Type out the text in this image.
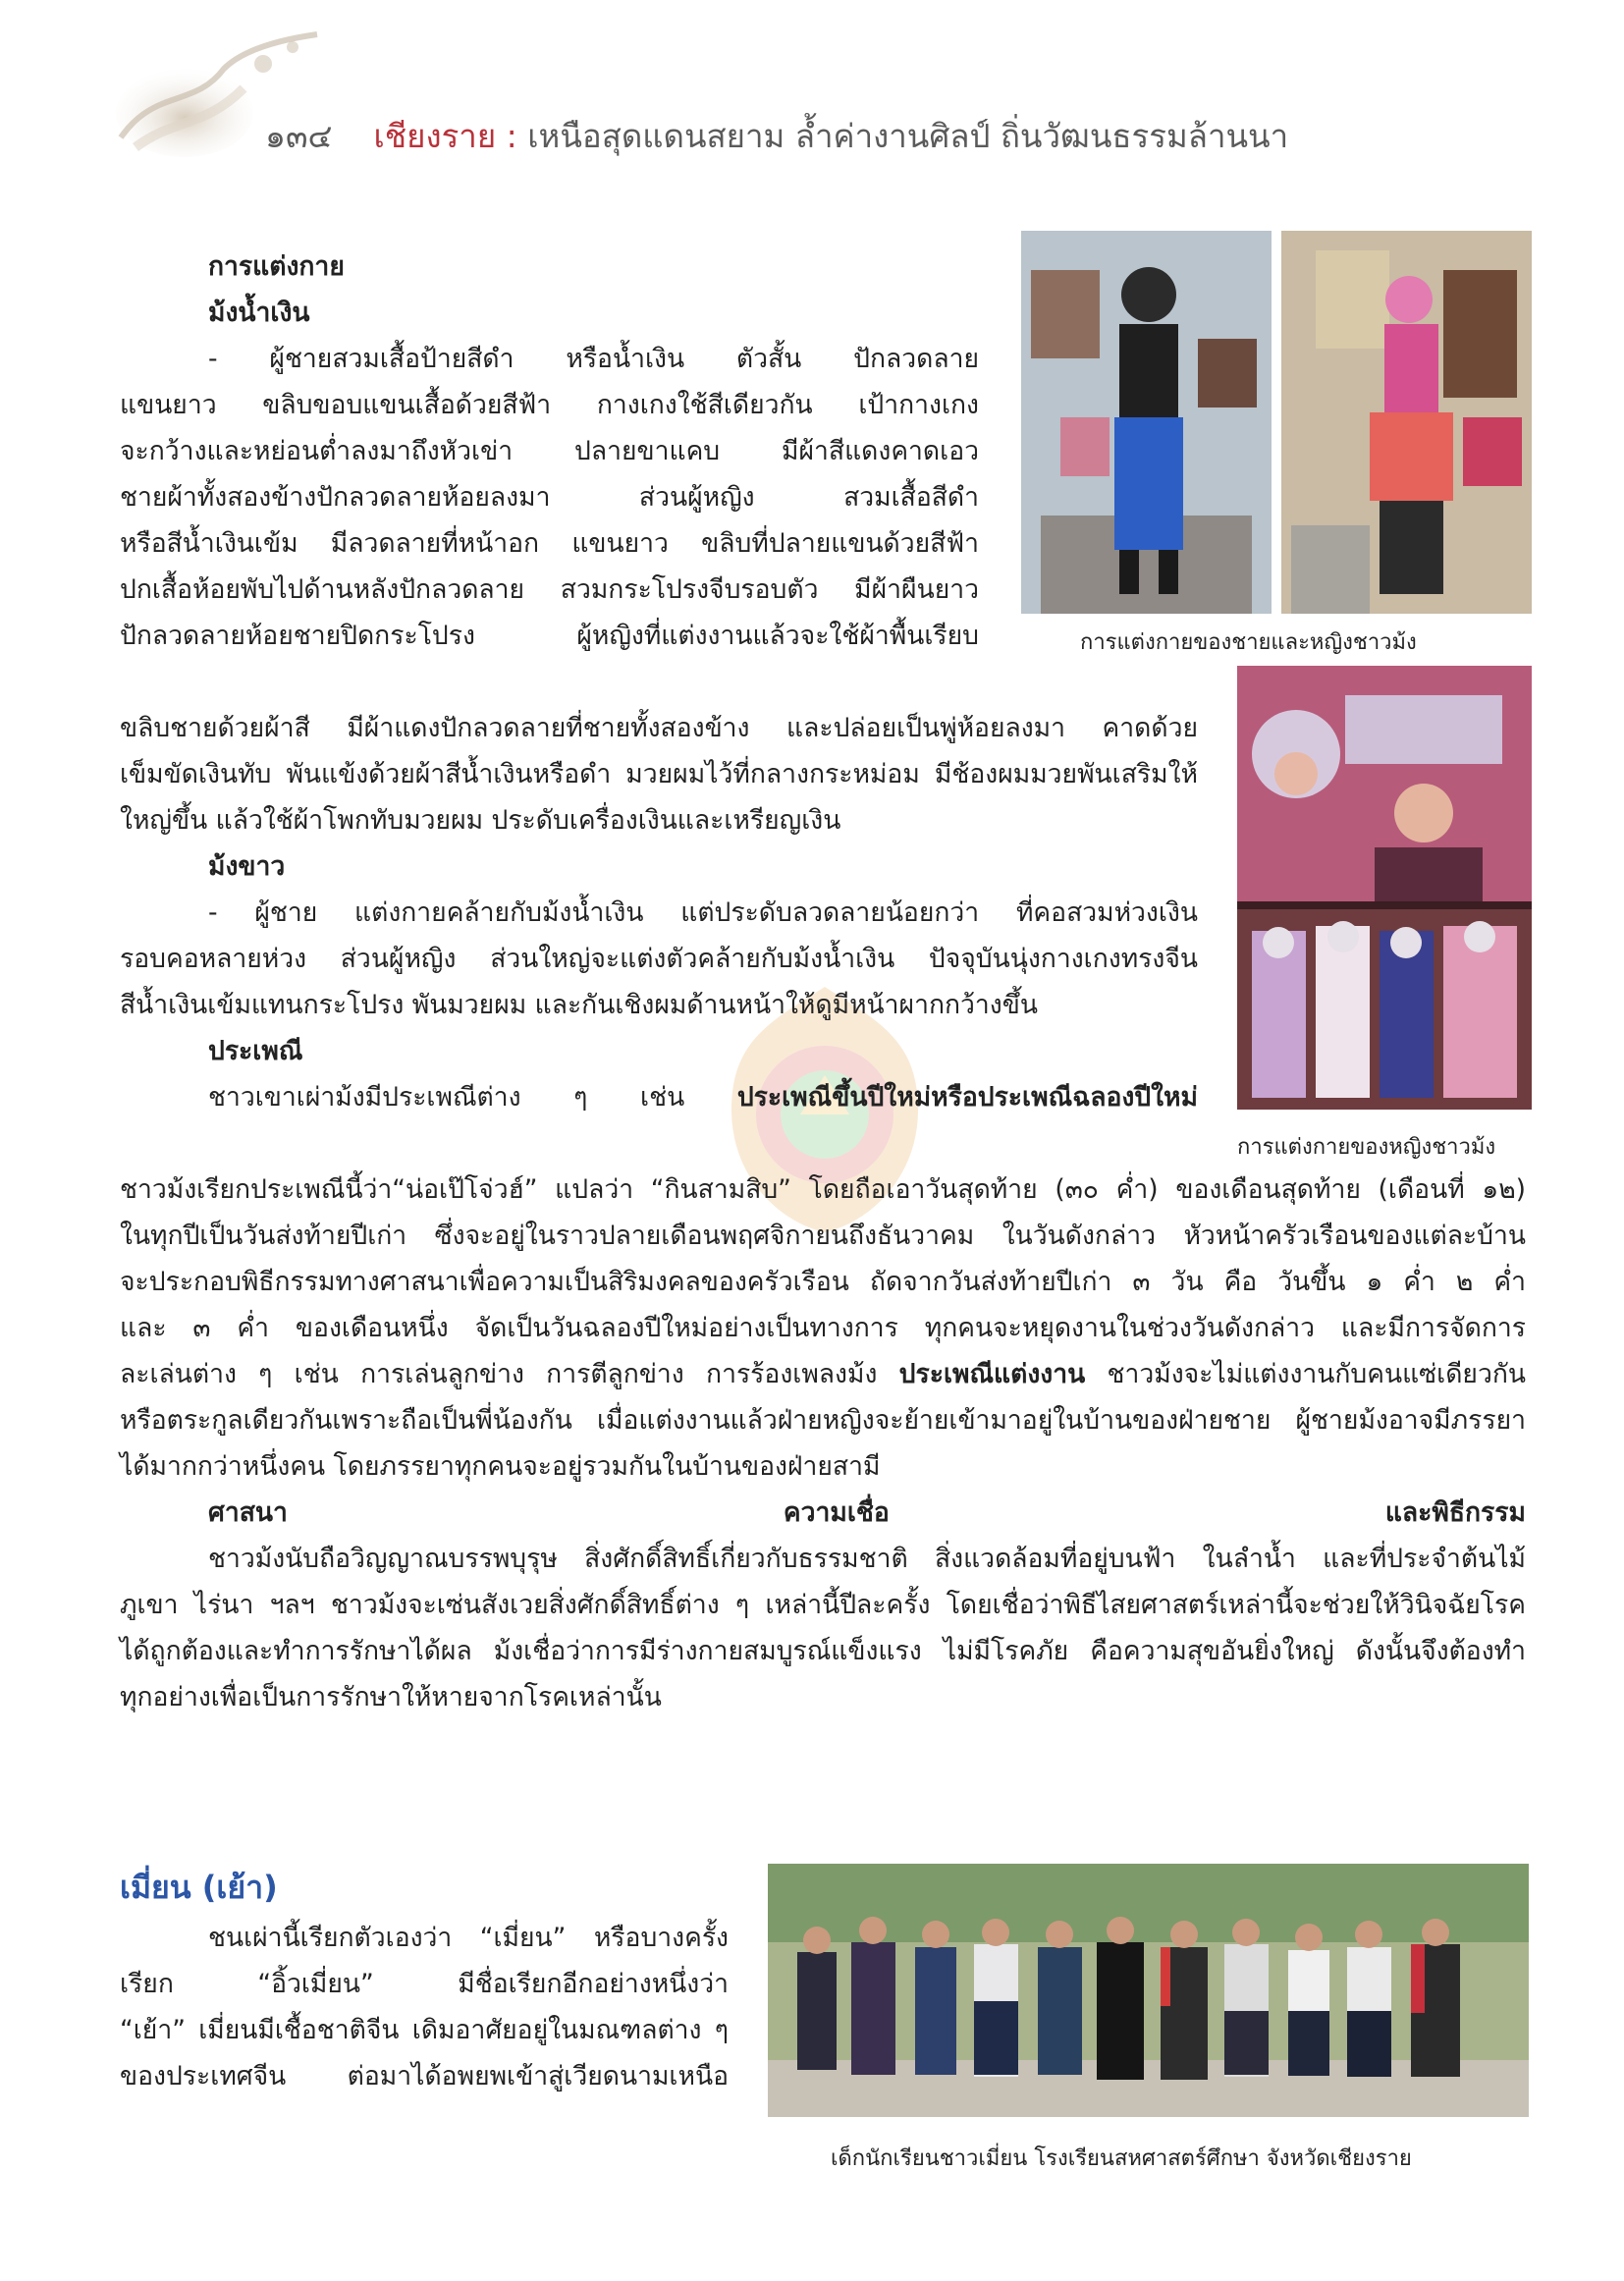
๑๓๔ เชียงราย : เหนือสุดแดนสยาม ล้ำค่างานศิลป์ ถิ่นวัฒนธรรมล้านนา
การแต่งกายของชายและหญิงชาวม้ง
การแต่งกายของหญิงชาวม้ง

การแต่งกาย

ม้งน้ำเงิน

- ผู้ชายสวมเสื้อป้ายสีดำ หรือน้ำเงิน ตัวสั้น ปักลวดลาย

แขนยาว ขลิบขอบแขนเสื้อด้วยสีฟ้า กางเกงใช้สีเดียวกัน เป้ากางเกง

จะกว้างและหย่อนต่ำลงมาถึงหัวเข่า ปลายขาแคบ มีผ้าสีแดงคาดเอว

ชายผ้าทั้งสองข้างปักลวดลายห้อยลงมา ส่วนผู้หญิง สวมเสื้อสีดำ

หรือสีน้ำเงินเข้ม มีลวดลายที่หน้าอก แขนยาว ขลิบที่ปลายแขนด้วยสีฟ้า

ปกเสื้อห้อยพับไปด้านหลังปักลวดลาย สวมกระโปรงจีบรอบตัว มีผ้าผืนยาว

ปักลวดลายห้อยชายปิดกระโปรง ผู้หญิงที่แต่งงานแล้วจะใช้ผ้าพื้นเรียบ

ขลิบชายด้วยผ้าสี มีผ้าแดงปักลวดลายที่ชายทั้งสองข้าง และปล่อยเป็นพู่ห้อยลงมา คาดด้วย

เข็มขัดเงินทับ พันแข้งด้วยผ้าสีน้ำเงินหรือดำ มวยผมไว้ที่กลางกระหม่อม มีช้องผมมวยพันเสริมให้

ใหญ่ขึ้น แล้วใช้ผ้าโพกทับมวยผม ประดับเครื่องเงินและเหรียญเงิน

ม้งขาว

- ผู้ชาย แต่งกายคล้ายกับม้งน้ำเงิน แต่ประดับลวดลายน้อยกว่า ที่คอสวมห่วงเงิน

รอบคอหลายห่วง ส่วนผู้หญิง ส่วนใหญ่จะแต่งตัวคล้ายกับม้งน้ำเงิน ปัจจุบันนุ่งกางเกงทรงจีน

สีน้ำเงินเข้มแทนกระโปรง พันมวยผม และกันเชิงผมด้านหน้าให้ดูมีหน้าผากกว้างขึ้น

ประเพณี

ชาวเขาเผ่าม้งมีประเพณีต่าง ๆ เช่น ประเพณีขึ้นปีใหม่หรือประเพณีฉลองปีใหม่

ชาวม้งเรียกประเพณีนี้ว่า“น่อเป๊โจ่วฮ์” แปลว่า “กินสามสิบ” โดยถือเอาวันสุดท้าย (๓๐ ค่ำ) ของเดือนสุดท้าย (เดือนที่ ๑๒)

ในทุกปีเป็นวันส่งท้ายปีเก่า ซึ่งจะอยู่ในราวปลายเดือนพฤศจิกายนถึงธันวาคม ในวันดังกล่าว หัวหน้าครัวเรือนของแต่ละบ้าน

จะประกอบพิธีกรรมทางศาสนาเพื่อความเป็นสิริมงคลของครัวเรือน ถัดจากวันส่งท้ายปีเก่า ๓ วัน คือ วันขึ้น ๑ ค่ำ ๒ ค่ำ

และ ๓ ค่ำ ของเดือนหนึ่ง จัดเป็นวันฉลองปีใหม่อย่างเป็นทางการ ทุกคนจะหยุดงานในช่วงวันดังกล่าว และมีการจัดการ

ละเล่นต่าง ๆ เช่น การเล่นลูกข่าง การตีลูกข่าง การร้องเพลงม้ง ประเพณีแต่งงาน ชาวม้งจะไม่แต่งงานกับคนแซ่เดียวกัน

หรือตระกูลเดียวกันเพราะถือเป็นพี่น้องกัน เมื่อแต่งงานแล้วฝ่ายหญิงจะย้ายเข้ามาอยู่ในบ้านของฝ่ายชาย ผู้ชายม้งอาจมีภรรยา

ได้มากกว่าหนึ่งคน โดยภรรยาทุกคนจะอยู่รวมกันในบ้านของฝ่ายสามี

ศาสนา ความเชื่อ และพิธีกรรม

ชาวม้งนับถือวิญญาณบรรพบุรุษ สิ่งศักดิ์สิทธิ์เกี่ยวกับธรรมชาติ สิ่งแวดล้อมที่อยู่บนฟ้า ในลำน้ำ และที่ประจำต้นไม้

ภูเขา ไร่นา ฯลฯ ชาวม้งจะเซ่นสังเวยสิ่งศักดิ์สิทธิ์ต่าง ๆ เหล่านี้ปีละครั้ง โดยเชื่อว่าพิธีไสยศาสตร์เหล่านี้จะช่วยให้วินิจฉัยโรค

ได้ถูกต้องและทำการรักษาได้ผล ม้งเชื่อว่าการมีร่างกายสมบูรณ์แข็งแรง ไม่มีโรคภัย คือความสุขอันยิ่งใหญ่ ดังนั้นจึงต้องทำ

ทุกอย่างเพื่อเป็นการรักษาให้หายจากโรคเหล่านั้น

เมี่ยน (เย้า)

ชนเผ่านี้เรียกตัวเองว่า “เมี่ยน” หรือบางครั้ง

เรียก “อิ้วเมี่ยน” มีชื่อเรียกอีกอย่างหนึ่งว่า

“เย้า” เมี่ยนมีเชื้อชาติจีน เดิมอาศัยอยู่ในมณฑลต่าง ๆ

ของประเทศจีน ต่อมาได้อพยพเข้าสู่เวียดนามเหนือ

เด็กนักเรียนชาวเมี่ยน โรงเรียนสหศาสตร์ศึกษา จังหวัดเชียงราย
